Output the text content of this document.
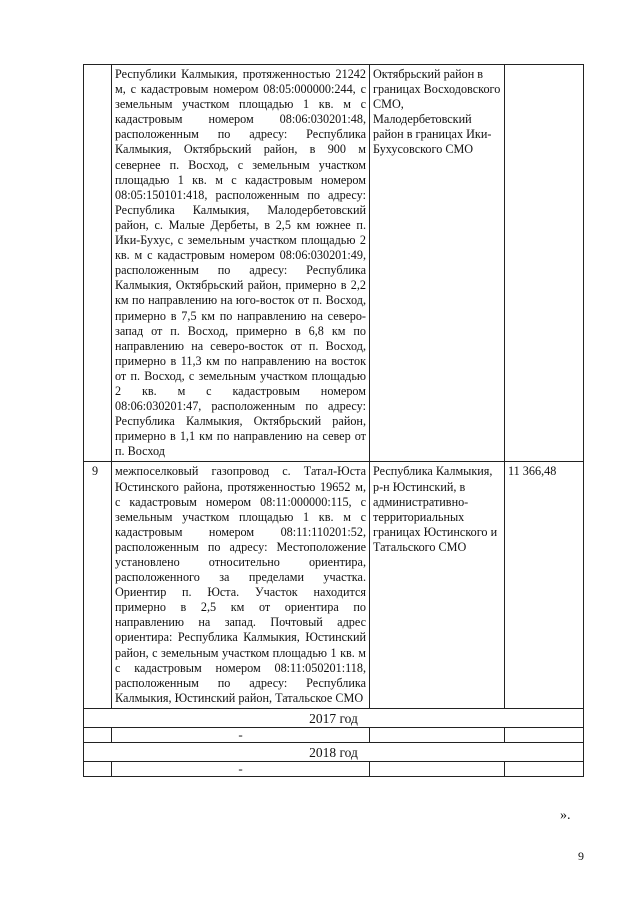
	Республики Калмыкия, протяженностью 21242 м, с кадастровым номером 08:05:000000:244, с земельным участком площадью 1 кв. м с кадастровым номером 08:06:030201:48, расположенным по адресу: Республика Калмыкия, Октябрьский район, в 900 м севернее п. Восход, с земельным участком площадью 1 кв. м с кадастровым номером 08:05:150101:418, расположенным по адресу: Республика Калмыкия, Малодербетовский район, с. Малые Дербеты, в 2,5 км южнее п. Ики-Бухус, с земельным участком площадью 2 кв. м с кадастровым номером 08:06:030201:49, расположенным по адресу: Республика Калмыкия, Октябрьский район, примерно в 2,2 км по направлению на юго-восток от п. Восход, примерно в 7,5 км по направлению на северо-запад от п. Восход, примерно в 6,8 км по направлению на северо-восток от п. Восход, примерно в 11,3 км по направлению на восток от п. Восход, с земельным участком площадью 2 кв. м с кадастровым номером 08:06:030201:47, расположенным по адресу: Республика Калмыкия, Октябрьский район, примерно в 1,1 км по направлению на север от п. Восход	Октябрьский район в границах Восходовского СМО, Малодербетовский район в границах Ики- Бухусовского СМО	
9	межпоселковый газопровод с. Татал-Юста Юстинского района, протяженностью 19652 м, с кадастровым номером 08:11:000000:115, с земельным участком площадью 1 кв. м с кадастровым номером 08:11:110201:52, расположенным по адресу: Местоположение установлено относительно ориентира, расположенного за пределами участка. Ориентир п. Юста. Участок находится примерно в 2,5 км от ориентира по направлению на запад. Почтовый адрес ориентира: Республика Калмыкия, Юстинский район, с земельным участком площадью 1 кв. м с кадастровым номером 08:11:050201:118, расположенным по адресу: Республика Калмыкия, Юстинский район, Татальское СМО	Республика Калмыкия, р-н Юстинский, в административно- территориальных границах Юстинского и Татальского СМО	11 366,48
2017 год			
	-		
2018 год			
	-		
».
9
